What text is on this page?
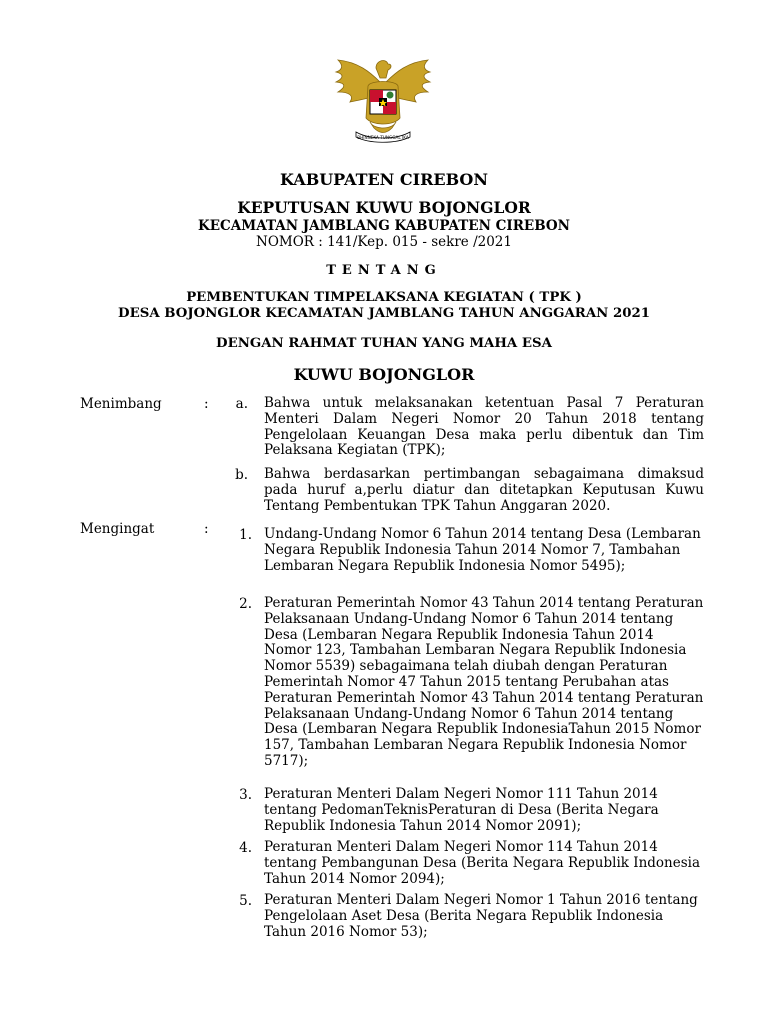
BHINNEKA TUNGGAL IKA
KABUPATEN CIREBON
KEPUTUSAN KUWU BOJONGLOR
KECAMATAN JAMBLANG KABUPATEN CIREBON
NOMOR : 141/Kep. 015 - sekre /2021
TENTANG
PEMBENTUKAN TIMPELAKSANA KEGIATAN ( TPK )
DESA BOJONGLOR KECAMATAN JAMBLANG TAHUN ANGGARAN 2021
DENGAN RAHMAT TUHAN YANG MAHA ESA
KUWU BOJONGLOR
Menimbang	:	a. Bahwa untuk melaksanakan ketentuan Pasal 7 Peraturan Menteri Dalam Negeri Nomor 20 Tahun 2018 tentang Pengelolaan Keuangan Desa maka perlu dibentuk dan Tim Pelaksana Kegiatan (TPK);
b. Bahwa berdasarkan pertimbangan sebagaimana dimaksud pada huruf a,perlu diatur dan ditetapkan Keputusan Kuwu Tentang Pembentukan TPK Tahun Anggaran 2020.
Mengingat	:	1. Undang-Undang Nomor 6 Tahun 2014 tentang Desa (Lembaran Negara Republik Indonesia Tahun 2014 Nomor 7, Tambahan Lembaran Negara Republik Indonesia Nomor 5495);
2. Peraturan Pemerintah Nomor 43 Tahun 2014 tentang Peraturan Pelaksanaan Undang-Undang Nomor 6 Tahun 2014 tentang Desa (Lembaran Negara Republik Indonesia Tahun 2014 Nomor 123, Tambahan Lembaran Negara Republik Indonesia Nomor 5539) sebagaimana telah diubah dengan Peraturan Pemerintah Nomor 47 Tahun 2015 tentang Perubahan atas Peraturan Pemerintah Nomor 43 Tahun 2014 tentang Peraturan Pelaksanaan Undang-Undang Nomor 6 Tahun 2014 tentang Desa (Lembaran Negara Republik IndonesiaTahun 2015 Nomor 157, Tambahan Lembaran Negara Republik Indonesia Nomor 5717);
3. Peraturan Menteri Dalam Negeri Nomor 111 Tahun 2014 tentang PedomanTeknisPeraturan di Desa (Berita Negara Republik Indonesia Tahun 2014 Nomor 2091);
4. Peraturan Menteri Dalam Negeri Nomor 114 Tahun 2014 tentang Pembangunan Desa (Berita Negara Republik Indonesia Tahun 2014 Nomor 2094);
5. Peraturan Menteri Dalam Negeri Nomor 1 Tahun 2016 tentang Pengelolaan Aset Desa (Berita Negara Republik Indonesia Tahun 2016 Nomor 53);
